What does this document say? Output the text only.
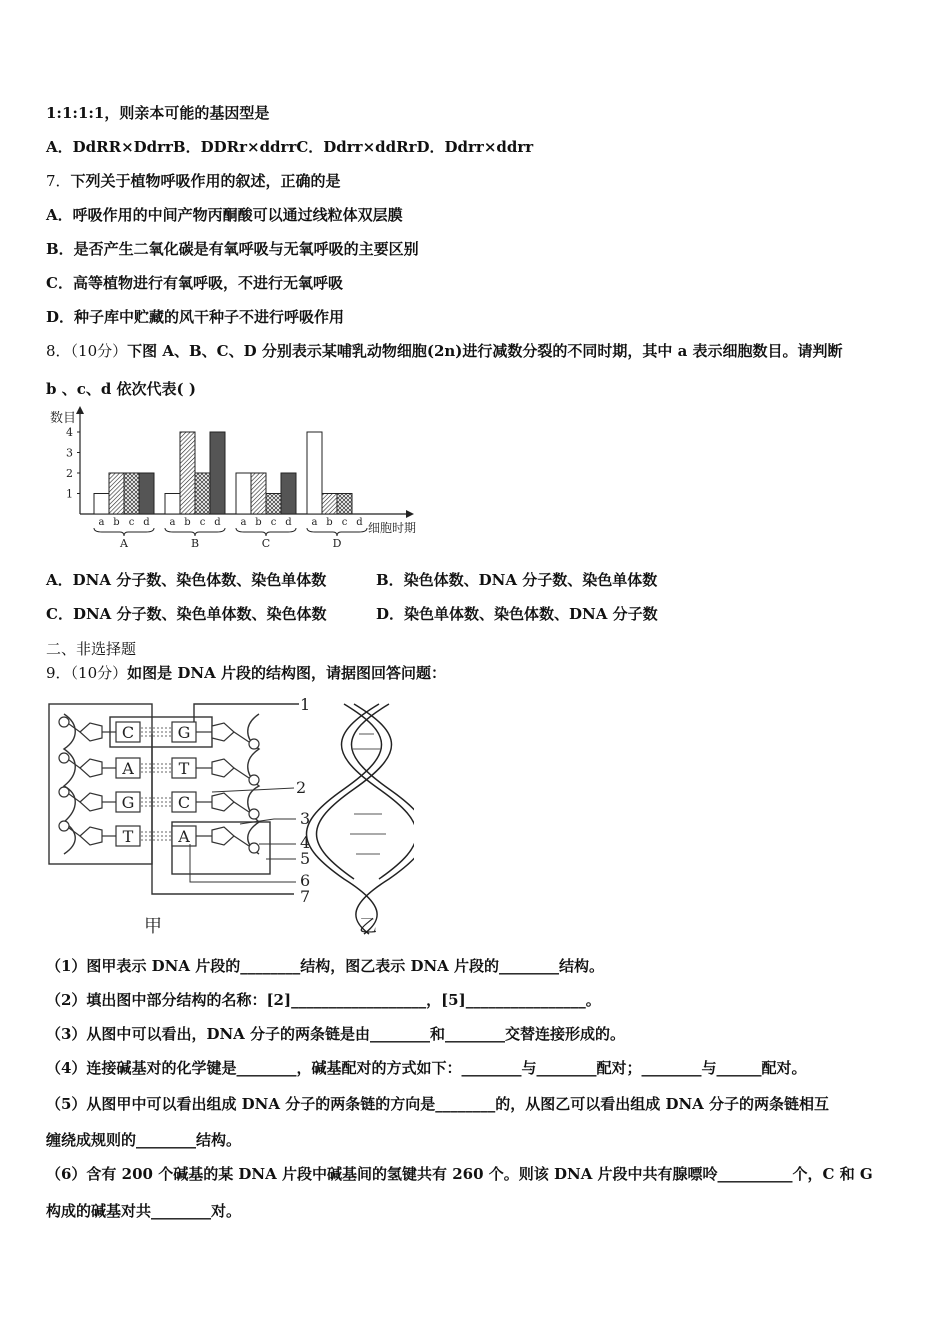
1:1:1:1，则亲本可能的基因型是
A．DdRR×DdrrB．DDRr×ddrrC．Ddrr×ddRrD．Ddrr×ddrr
7．下列关于植物呼吸作用的叙述，正确的是
A．呼吸作用的中间产物丙酮酸可以通过线粒体双层膜
B．是否产生二氧化碳是有氧呼吸与无氧呼吸的主要区别
C．高等植物进行有氧呼吸，不进行无氧呼吸
D．种子库中贮藏的风干种子不进行呼吸作用
8．（10分）下图 A、B、C、D 分别表示某哺乳动物细胞(2n)进行减数分裂的不同时期，其中 a 表示细胞数目。请判断
b 、c、d 依次代表( )
数目
1
2
3
4
a b c d
A
a b c d
B
a b c d
C
a b c d
D
细胞时期
A．DNA 分子数、染色体数、染色单体数	B．染色体数、DNA 分子数、染色单体数
C．DNA 分子数、染色单体数、染色体数	D．染色单体数、染色体数、DNA 分子数
二、非选择题
9．（10分）如图是 DNA 片段的结构图，请据图回答问题：
C	G
A	T
G	C
T	A
1
2
3
4
5
6
7
甲	乙
（1）图甲表示 DNA 片段的________结构，图乙表示 DNA 片段的________结构。
（2）填出图中部分结构的名称：[2]__________________，[5]________________。
（3）从图中可以看出，DNA 分子的两条链是由________和________交替连接形成的。
（4）连接碱基对的化学键是________，碱基配对的方式如下：________与________配对；________与______配对。
（5）从图甲中可以看出组成 DNA 分子的两条链的方向是________的，从图乙可以看出组成 DNA 分子的两条链相互
缠绕成规则的________结构。
（6）含有 200 个碱基的某 DNA 片段中碱基间的氢键共有 260 个。则该 DNA 片段中共有腺嘌呤__________个，C 和 G
构成的碱基对共________对。
